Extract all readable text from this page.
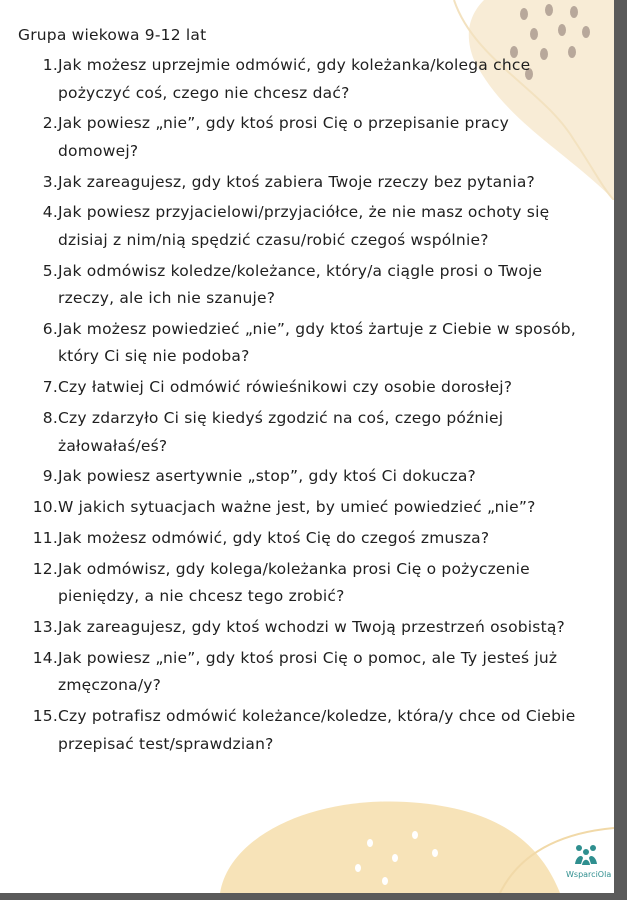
WsparciOla
Grupa wiekowa 9-12 lat
1. Jak możesz uprzejmie odmówić, gdy koleżanka/kolega chce pożyczyć coś, czego nie chcesz dać?
2. Jak powiesz „nie”, gdy ktoś prosi Cię o przepisanie pracy domowej?
3. Jak zareagujesz, gdy ktoś zabiera Twoje rzeczy bez pytania?
4. Jak powiesz przyjacielowi/przyjaciółce, że nie masz ochoty się dzisiaj z nim/nią spędzić czasu/robić czegoś wspólnie?
5. Jak odmówisz koledze/koleżance, który/a ciągle prosi o Twoje rzeczy, ale ich nie szanuje?
6. Jak możesz powiedzieć „nie”, gdy ktoś żartuje z Ciebie w sposób, który Ci się nie podoba?
7. Czy łatwiej Ci odmówić rówieśnikowi czy osobie dorosłej?
8. Czy zdarzyło Ci się kiedyś zgodzić na coś, czego później żałowałaś/eś?
9. Jak powiesz asertywnie „stop”, gdy ktoś Ci dokucza?
10. W jakich sytuacjach ważne jest, by umieć powiedzieć „nie”?
11. Jak możesz odmówić, gdy ktoś Cię do czegoś zmusza?
12. Jak odmówisz, gdy kolega/koleżanka prosi Cię o pożyczenie pieniędzy, a nie chcesz tego zrobić?
13. Jak zareagujesz, gdy ktoś wchodzi w Twoją przestrzeń osobistą?
14. Jak powiesz „nie”, gdy ktoś prosi Cię o pomoc, ale Ty jesteś już zmęczona/y?
15. Czy potrafisz odmówić koleżance/koledze, która/y chce od Ciebie przepisać test/sprawdzian?
